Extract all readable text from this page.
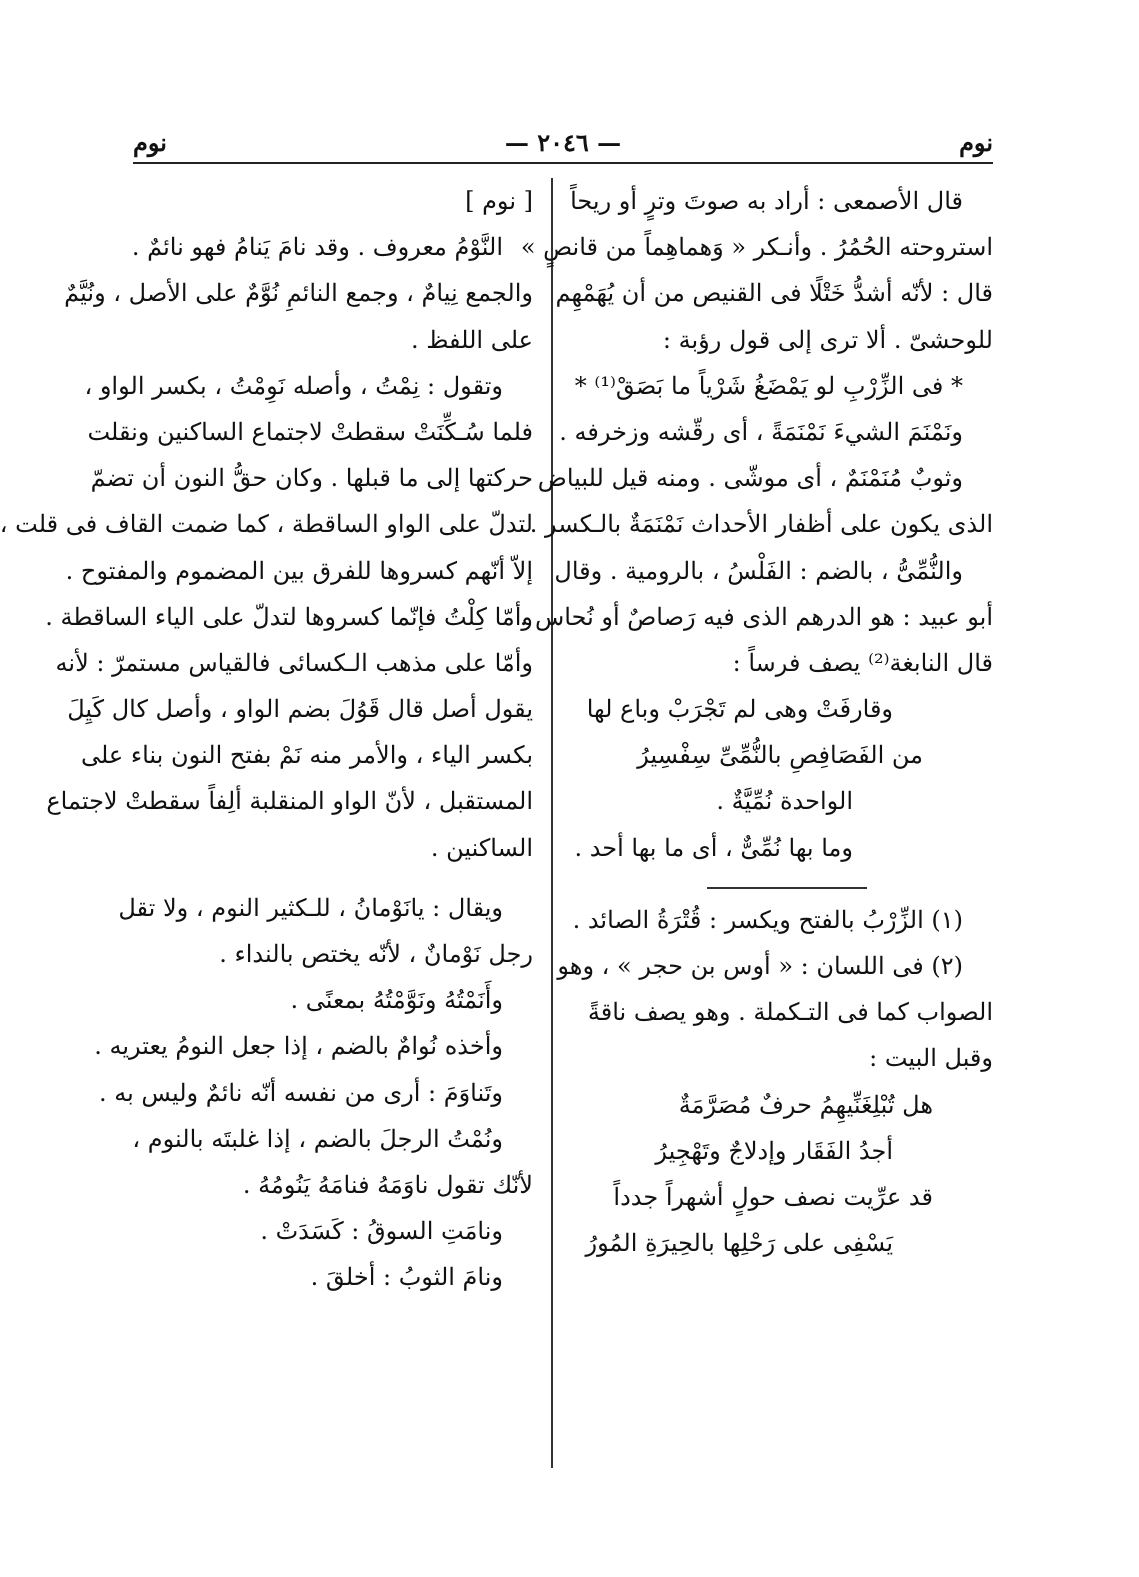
نوم
— ٢٠٤٦ —
نوم
قال الأصمعى : أراد به صوتَ وترٍ أو ريحاً
استروحته الحُمُرُ . وأنـكر « وَهماهِماً من قانصٍ »
قال : لأنّه أشدُّ خَتْلًا فى القنيص من أن يُهَمْهِم
للوحشىّ . ألا ترى إلى قول رؤبة :
* فى الزِّرْبِ لو يَمْضَغُ شَرْياً ما بَصَقْ⁽¹⁾ *
ونَمْنَمَ الشيءَ نَمْنَمَةً ، أى رقّشه وزخرفه .
وثوبٌ مُنَمْنَمٌ ، أى موشّى . ومنه قيل للبياض
الذى يكون على أظفار الأحداث نَمْنَمَةٌ بالـكسر .
والنُّمِّىُّ ، بالضم : الفَلْسُ ، بالرومية . وقال
أبو عبيد : هو الدرهم الذى فيه رَصاصٌ أو نُحاس .
قال النابغة⁽²⁾ يصف فرساً :
وقارفَتْ وهى لم تَجْرَبْ وباع لها
من الفَصَافِصِ بالنُّمِّىِّ سِفْسِيرُ
الواحدة نُمِّيَّةٌ .
وما بها نُمِّىٌّ ، أى ما بها أحد .
(١) الزِّرْبُ بالفتح ويكسر : قُتْرَةُ الصائد .
(٢) فى اللسان : « أوس بن حجر » ، وهو
الصواب كما فى التـكملة . وهو يصف ناقةً
وقبل البيت :
هل تُبْلِغَنِّيهِمُ حرفٌ مُصَرَّمَةٌ
أجدُ الفَقَار وإدلاجٌ وتَهْجِيرُ
قد عرِّيت نصف حولٍ أشهراً جدداً
يَسْفِى على رَحْلِها بالحِيرَةِ المُورُ
[ نوم ]
النَّوْمُ معروف . وقد نامَ يَنامُ فهو نائمٌ .
والجمع نِيامٌ ، وجمع النائمِ نُوَّمٌ على الأصل ، ونُيَّمٌ
على اللفظ .
وتقول : نِمْتُ ، وأصله نَوِمْتُ ، بكسر الواو ،
فلما سُـكِّنَتْ سقطتْ لاجتماع الساكنين ونقلت
حركتها إلى ما قبلها . وكان حقُّ النون أن تضمّ
لتدلّ على الواو الساقطة ، كما ضمت القاف فى قلت ،
إلاّ أنّهم كسروها للفرق بين المضموم والمفتوح .
وأمّا كِلْتُ فإنّما كسروها لتدلّ على الياء الساقطة .
وأمّا على مذهب الـكسائى فالقياس مستمرّ : لأنه
يقول أصل قال قَوُلَ بضم الواو ، وأصل كال كَيِلَ
بكسر الياء ، والأمر منه نَمْ بفتح النون بناء على
المستقبل ، لأنّ الواو المنقلبة ألِفاً سقطتْ لاجتماع
الساكنين .
ويقال : يانَوْمانُ ، للـكثير النوم ، ولا تقل
رجل نَوْمانٌ ، لأنّه يختص بالنداء .
وأَنَمْتُهُ ونَوَّمْتُهُ بمعنًى .
وأخذه نُوامٌ بالضم ، إذا جعل النومُ يعتريه .
وتَناوَمَ : أرى من نفسه أنّه نائمٌ وليس به .
ونُمْتُ الرجلَ بالضم ، إذا غلبتَه بالنوم ،
لأنّك تقول ناوَمَهُ فنامَهُ يَنُومُهُ .
ونامَتِ السوقُ : كَسَدَتْ .
ونامَ الثوبُ : أخلقَ .
